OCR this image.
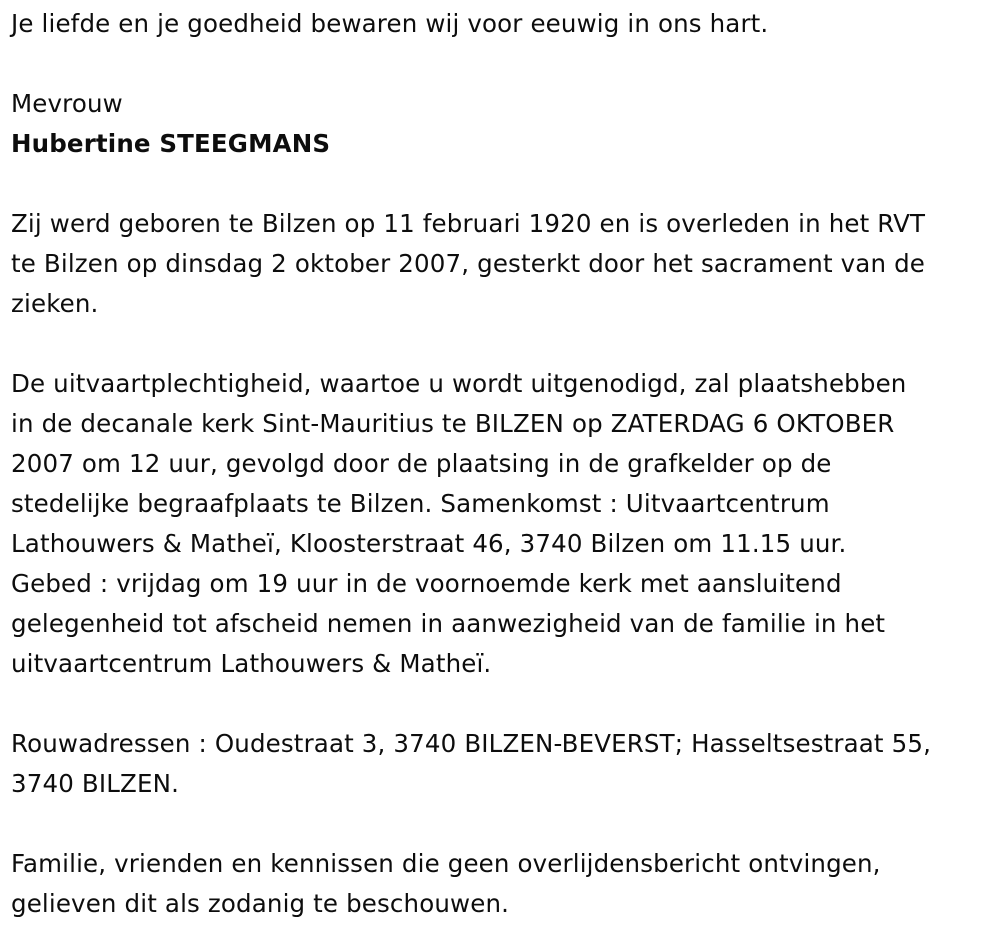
Je liefde en je goedheid bewaren wij voor eeuwig in ons hart.

Mevrouw

Hubertine STEEGMANS

Zij werd geboren te Bilzen op 11 februari 1920 en is overleden in het RVT

te Bilzen op dinsdag 2 oktober 2007, gesterkt door het sacrament van de

zieken.

De uitvaartplechtigheid, waartoe u wordt uitgenodigd, zal plaatshebben

in de decanale kerk Sint-Mauritius te BILZEN op ZATERDAG 6 OKTOBER

2007 om 12 uur, gevolgd door de plaatsing in de grafkelder op de

stedelijke begraafplaats te Bilzen. Samenkomst : Uitvaartcentrum

Lathouwers & Matheï, Kloosterstraat 46, 3740 Bilzen om 11.15 uur.

Gebed : vrijdag om 19 uur in de voornoemde kerk met aansluitend

gelegenheid tot afscheid nemen in aanwezigheid van de familie in het

uitvaartcentrum Lathouwers & Matheï.

Rouwadressen : Oudestraat 3, 3740 BILZEN-BEVERST; Hasseltsestraat 55,

3740 BILZEN.

Familie, vrienden en kennissen die geen overlijdensbericht ontvingen,

gelieven dit als zodanig te beschouwen.
